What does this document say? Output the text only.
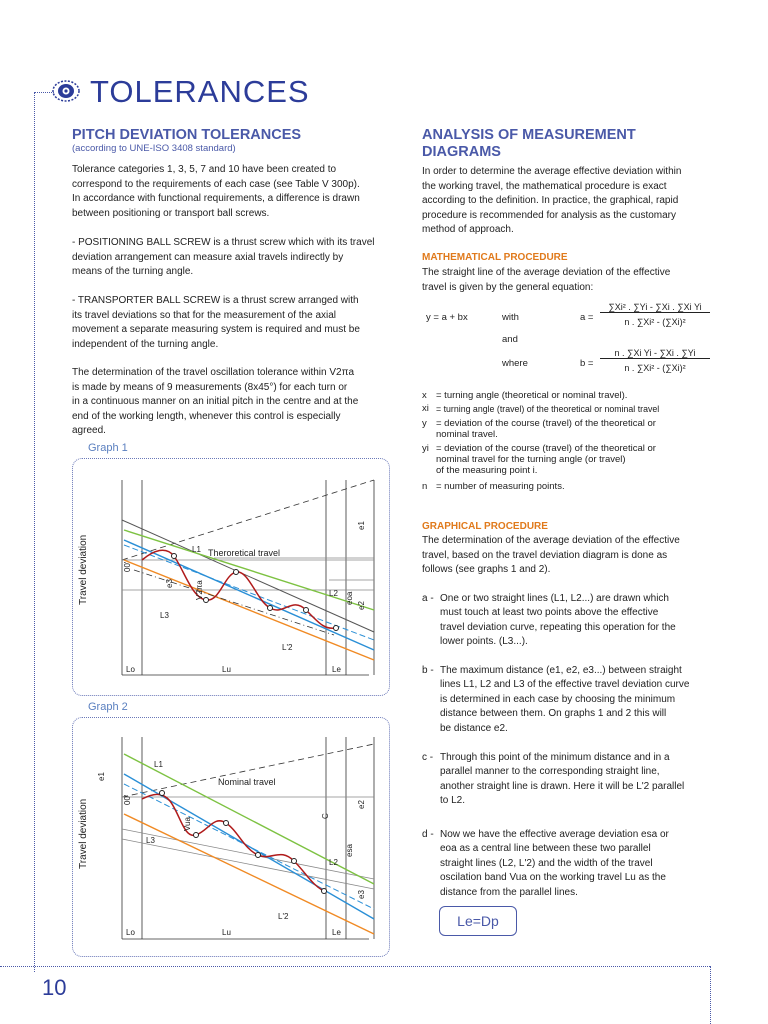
TOLERANCES
PITCH DEVIATION TOLERANCES
(according to UNE-ISO 3408 standard)
Tolerance categories 1, 3, 5, 7 and 10 have been created to
correspond to the requirements of each case (see Table V 300p).
In accordance with functional requirements, a difference is drawn
between positioning or transport ball screws.
- POSITIONING BALL SCREW is a thrust screw which with its travel
deviation arrangement can measure axial travels indirectly by
means of the turning angle.
- TRANSPORTER BALL SCREW is a thrust screw arranged with
its travel deviations so that for the measurement of the axial
movement a separate measuring system is required and must be
independent of the turning angle.
The determination of the travel oscillation tolerance within V2πa
is made by means of 9 measurements (8x45°) for each turn or
in a continuous manner on an initial pitch in the centre and at the
end of the working length, whenever this control is especially
agreed.
Graph 1
Travel deviation	Theroretical travel
L1
L2
L3
L'2
Lo	Lu	Le
e1
e2
e3
eoa
V2πa
00'
Graph 2
Travel deviation
Nominal travel
L1
L2
L3
L'2
Lo	Lu	Le
e1
e2
e3
esa
Vua
C
00'
ANALYSIS OF MEASUREMENT
DIAGRAMS
In order to determine the average effective deviation within
the working travel, the mathematical procedure is exact
according to the definition. In practice, the graphical, rapid
procedure is recommended for analysis as the customary
method of approach.
MATHEMATICAL PROCEDURE
The straight line of the average deviation of the effective
travel is given by the general equation:
y = a + bx	with
and
where
a =
∑Xi² . ∑Yi - ∑Xi . ∑Xi Yi
n . ∑Xi² - (∑Xi)²
b =
n . ∑Xi Yi - ∑Xi . ∑Yi
n . ∑Xi² - (∑Xi)²
x = turning angle (theoretical or nominal travel).
xi = turning angle (travel) of the theoretical or nominal travel
y = deviation of the course (travel) of the theoretical or
nominal travel.
yi = deviation of the course (travel) of the theoretical or
nominal travel for the turning angle (or travel)
of the measuring point i.
n = number of measuring points.
GRAPHICAL PROCEDURE
The determination of the average deviation of the effective
travel, based on the travel deviation diagram is done as
follows (see graphs 1 and 2).
a - One or two straight lines (L1, L2...) are drawn which
must touch at least two points above the effective
travel deviation curve, repeating this operation for the
lower points. (L3...).
b - The maximum distance (e1, e2, e3...) between straight
lines L1, L2 and L3 of the effective travel deviation curve
is determined in each case by choosing the minimum
distance between them. On graphs 1 and 2 this will
be distance e2.
c - Through this point of the minimum distance and in a
parallel manner to the corresponding straight line,
another straight line is drawn. Here it will be L'2 parallel
to L2.
d - Now we have the effective average deviation esa or
eoa as a central line between these two parallel
straight lines (L2, L'2) and the width of the travel
oscilation band Vua on the working travel Lu as the
distance from the parallel lines.
Le=Dp
10
